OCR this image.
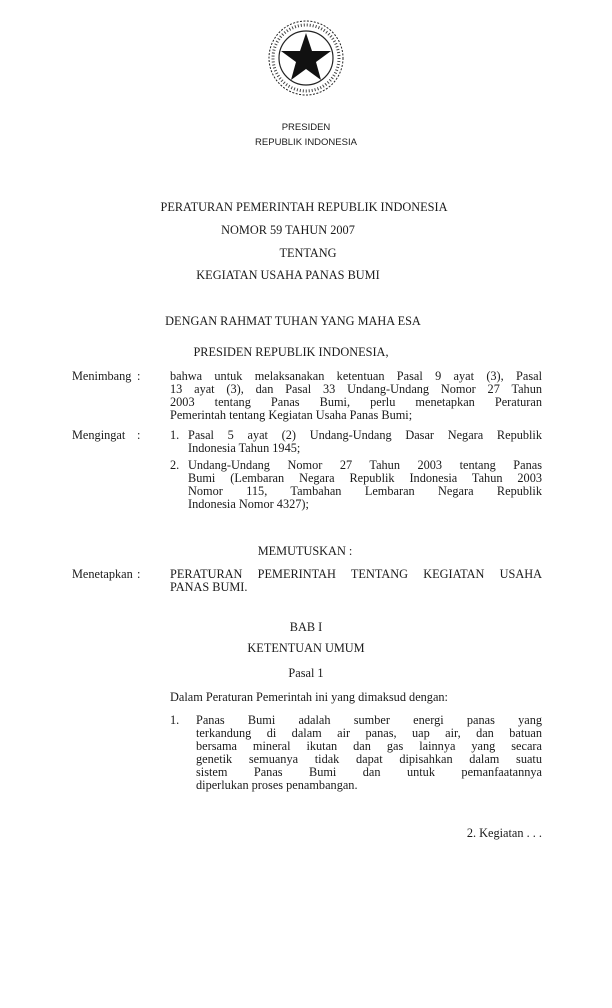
PRESIDEN
REPUBLIK INDONESIA
PERATURAN PEMERINTAH REPUBLIK INDONESIA
NOMOR 59 TAHUN 2007
TENTANG
KEGIATAN USAHA PANAS BUMI
DENGAN RAHMAT TUHAN YANG MAHA ESA
PRESIDEN REPUBLIK INDONESIA,
Menimbang : bahwa untuk melaksanakan ketentuan Pasal 9 ayat (3), Pasal
13 ayat (3), dan Pasal 33 Undang-Undang Nomor 27 Tahun
2003 tentang Panas Bumi, perlu menetapkan Peraturan
Pemerintah tentang Kegiatan Usaha Panas Bumi;
Mengingat : 1. Pasal 5 ayat (2) Undang-Undang Dasar Negara Republik
Indonesia Tahun 1945;
2. Undang-Undang Nomor 27 Tahun 2003 tentang Panas
Bumi (Lembaran Negara Republik Indonesia Tahun 2003
Nomor 115, Tambahan Lembaran Negara Republik
Indonesia Nomor 4327);
MEMUTUSKAN :
Menetapkan : PERATURAN PEMERINTAH TENTANG KEGIATAN USAHA
PANAS BUMI.
BAB I
KETENTUAN UMUM
Pasal 1
Dalam Peraturan Pemerintah ini yang dimaksud dengan:
1. Panas Bumi adalah sumber energi panas yang
terkandung di dalam air panas, uap air, dan batuan
bersama mineral ikutan dan gas lainnya yang secara
genetik semuanya tidak dapat dipisahkan dalam suatu
sistem Panas Bumi dan untuk pemanfaatannya
diperlukan proses penambangan.
2. Kegiatan . . .
